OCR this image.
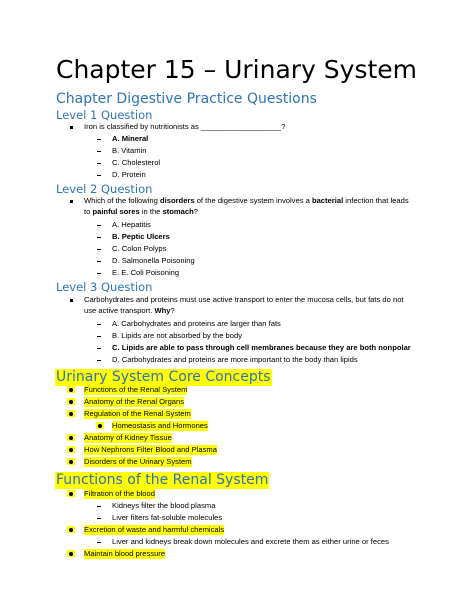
Chapter 15 – Urinary System
Chapter Digestive Practice Questions
Level 1 Question
Iron is classified by nutritionists as ___________________?
A. Mineral
B. Vitamin
C. Cholesterol
D. Protein
Level 2 Question
Which of the following disorders of the digestive system involves a bacterial infection that leads
to painful sores in the stomach?
A. Hepatitis
B. Peptic Ulcers
C. Colon Polyps
D. Salmonella Poisoning
E. E. Coli Poisoning
Level 3 Question
Carbohydrates and proteins must use active transport to enter the mucosa cells, but fats do not
use active transport. Why?
A. Carbohydrates and proteins are larger than fats
B. Lipids are not absorbed by the body
C. Lipids are able to pass through cell membranes because they are both nonpolar
D. Carbohydrates and proteins are more important to the body than lipids
Urinary System Core Concepts
Functions of the Renal System
Anatomy of the Renal Organs
Regulation of the Renal System
Homeostasis and Hormones
Anatomy of Kidney Tissue
How Nephrons Filter Blood and Plasma
Disorders of the Urinary System
Functions of the Renal System
Filtration of the blood
Kidneys filter the blood plasma
Liver filters fat-soluble molecules
Excretion of waste and harmful chemicals
Liver and kidneys break down molecules and excrete them as either urine or feces
Maintain blood pressure
